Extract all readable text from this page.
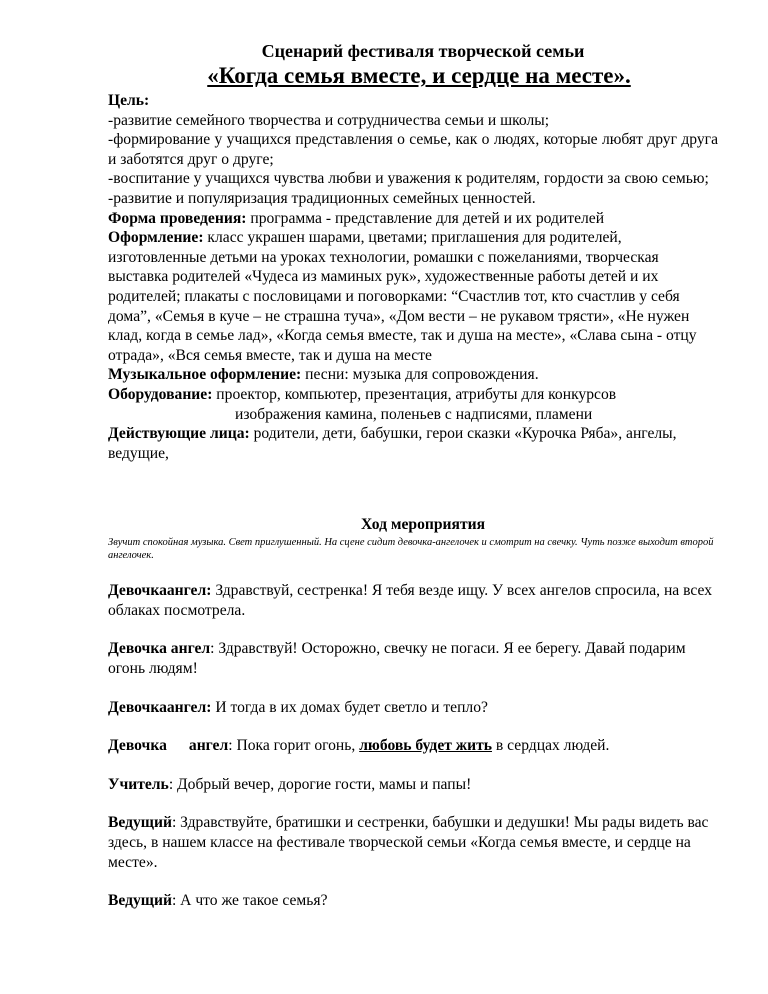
Сценарий фестиваля творческой семьи

«Когда семья вместе, и сердце на месте».

Цель:

-развитие семейного творчества и сотрудничества семьи и школы;

-формирование у учащихся представления о семье, как о людях, которые любят друг друга и заботятся друг о друге;

-воспитание у учащихся чувства любви и уважения к родителям, гордости за свою семью;

-развитие и популяризация традиционных семейных ценностей.

Форма проведения: программа - представление для детей и их родителей

Оформление: класс украшен шарами, цветами; приглашения для родителей, изготовленные детьми на уроках технологии, ромашки с пожеланиями, творческая выставка родителей «Чудеса из маминых рук», художественные работы детей и их родителей; плакаты с пословицами и поговорками: “Счастлив тот, кто счастлив у себя дома”, «Семья в куче – не страшна туча», «Дом вести – не рукавом трясти», «Не нужен клад, когда в семье лад», «Когда семья вместе, так и душа на месте», «Слава сына - отцу отрада», «Вся семья вместе, так и душа на месте

Музыкальное оформление: песни: музыка для сопровождения.

Оборудование: проектор, компьютер, презентация, атрибуты для конкурсов

изображения камина, поленьев с надписями, пламени

Действующие лица: родители, дети, бабушки, герои сказки «Курочка Ряба», ангелы, ведущие,

Ход мероприятия

Звучит спокойная музыка. Свет приглушенный. На сцене сидит девочка-ангелочек и смотрит на свечку. Чуть позже выходит второй ангелочек.

Девочкаангел: Здравствуй, сестренка! Я тебя везде ищу. У всех ангелов спросила, на всех облаках посмотрела.

Девочка ангел: Здравствуй! Осторожно, свечку не погаси. Я ее берегу. Давай подарим огонь людям!

Девочкаангел: И тогда в их домах будет светло и тепло?

Девочка ангел: Пока горит огонь, любовь будет жить в сердцах людей.

Учитель: Добрый вечер, дорогие гости, мамы и папы!

Ведущий: Здравствуйте, братишки и сестренки, бабушки и дедушки! Мы рады видеть вас здесь, в нашем классе на фестивале творческой семьи «Когда семья вместе, и сердце на месте».

Ведущий: А что же такое семья?
